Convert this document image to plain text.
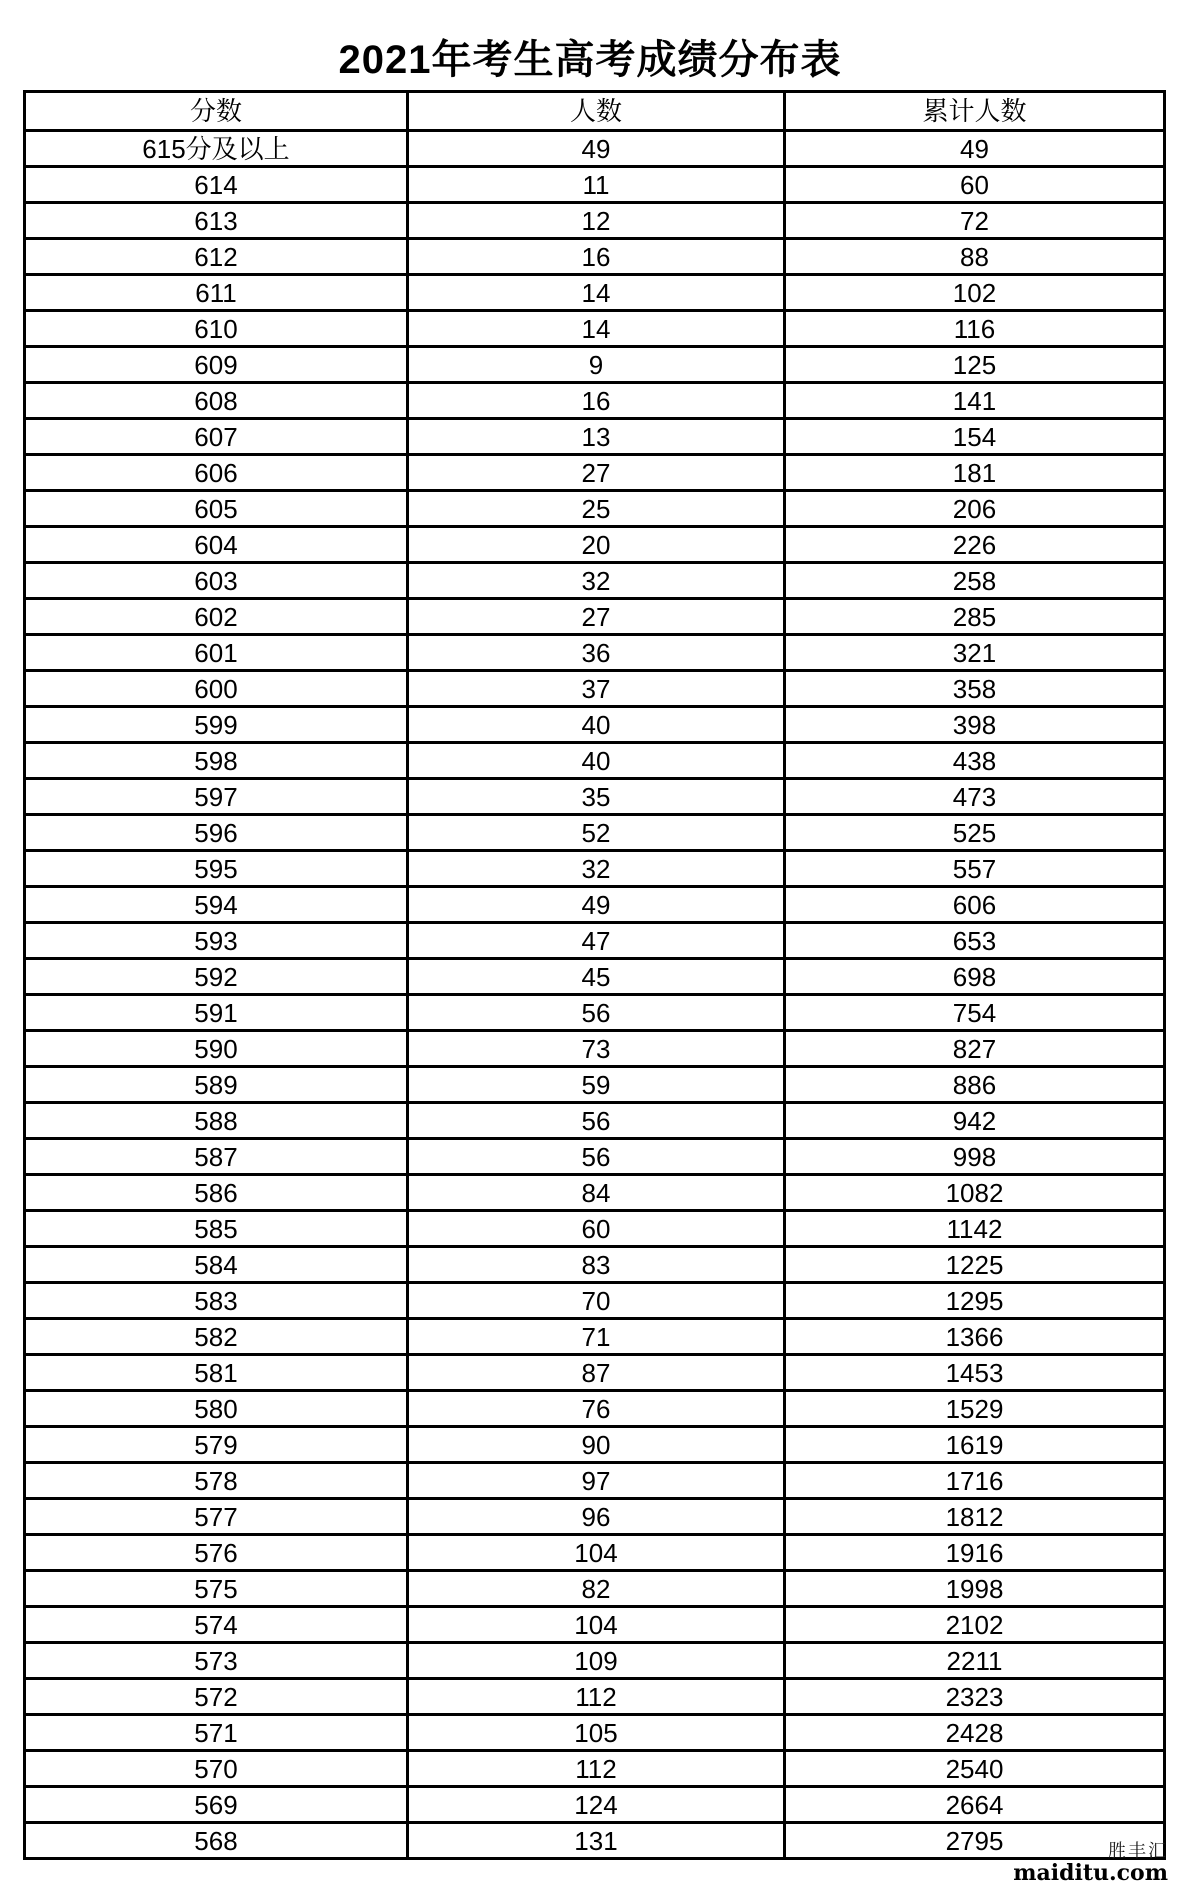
2021年考生高考成绩分布表
分数	人数	累计人数
615分及以上	49	49
614	11	60
613	12	72
612	16	88
611	14	102
610	14	116
609	9	125
608	16	141
607	13	154
606	27	181
605	25	206
604	20	226
603	32	258
602	27	285
601	36	321
600	37	358
599	40	398
598	40	438
597	35	473
596	52	525
595	32	557
594	49	606
593	47	653
592	45	698
591	56	754
590	73	827
589	59	886
588	56	942
587	56	998
586	84	1082
585	60	1142
584	83	1225
583	70	1295
582	71	1366
581	87	1453
580	76	1529
579	90	1619
578	97	1716
577	96	1812
576	104	1916
575	82	1998
574	104	2102
573	109	2211
572	112	2323
571	105	2428
570	112	2540
569	124	2664
568	131	2795	胜丰汇
maiditu.com
